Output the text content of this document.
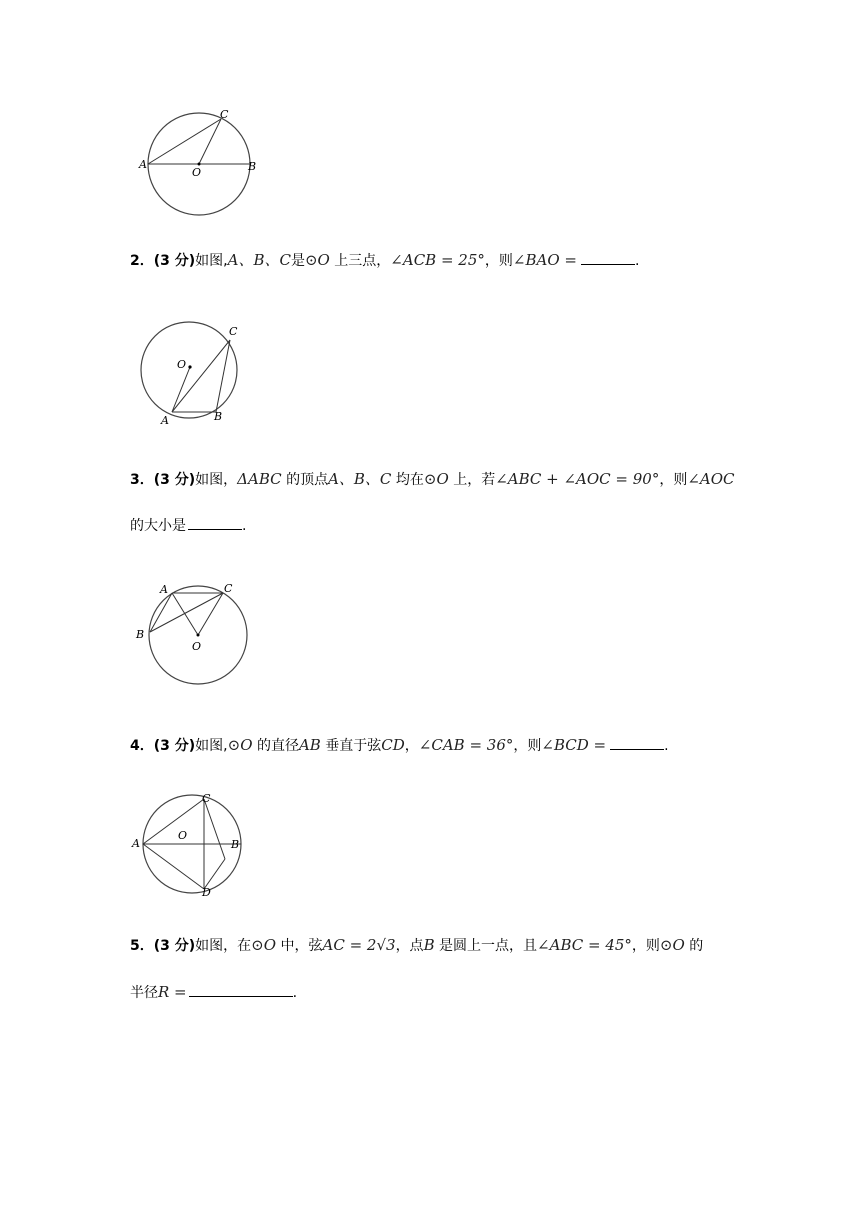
A	B
C
O
2．(3 分)如图,A、B、C是⊙O 上三点，∠ACB = 25°，则∠BAO =	.
A	B
C
O
3．(3 分)如图，ΔABC 的顶点A、B、C 均在⊙O 上，若∠ABC + ∠AOC = 90°，则∠AOC
的大小是	.
A	C
B
O
4．(3 分)如图,⊙O 的直径AB 垂直于弦CD，∠CAB = 36°，则∠BCD =	.
A	B
C
D
O
5．(3 分)如图，在⊙O 中，弦AC = 2√3，点B 是圆上一点，且∠ABC = 45°，则⊙O 的
半径R =	.
